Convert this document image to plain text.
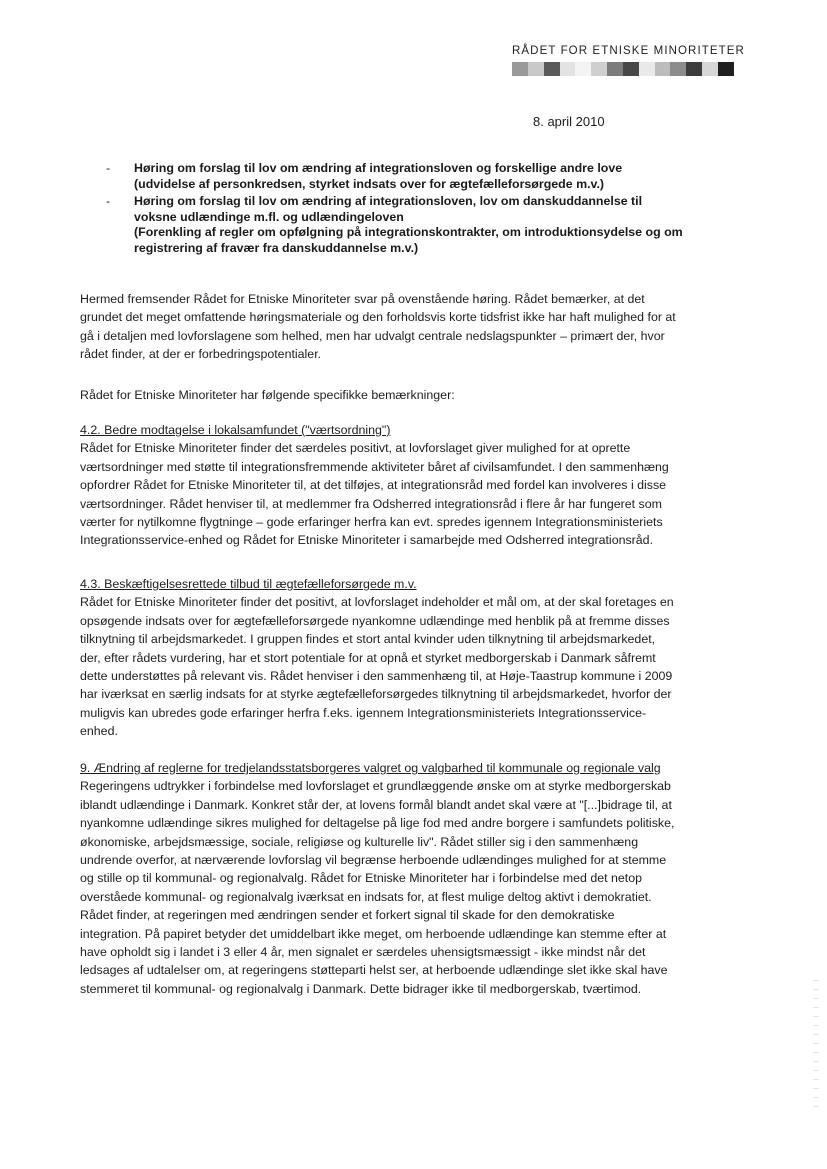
RÅDET FOR ETNISKE MINORITETER
8. april 2010
- Høring om forslag til lov om ændring af integrationsloven og forskellige andre love
(udvidelse af personkredsen, styrket indsats over for ægtefælleforsørgede m.v.)
- Høring om forslag til lov om ændring af integrationsloven, lov om danskuddannelse til
voksne udlændinge m.fl. og udlændingeloven
(Forenkling af regler om opfølgning på integrationskontrakter, om introduktionsydelse og om
registrering af fravær fra danskuddannelse m.v.)

Hermed fremsender Rådet for Etniske Minoriteter svar på ovenstående høring. Rådet bemærker, at det

grundet det meget omfattende høringsmateriale og den forholdsvis korte tidsfrist ikke har haft mulighed for at

gå i detaljen med lovforslagene som helhed, men har udvalgt centrale nedslagspunkter – primært der, hvor

rådet finder, at der er forbedringspotentialer.

Rådet for Etniske Minoriteter har følgende specifikke bemærkninger:

4.2. Bedre modtagelse i lokalsamfundet ("værtsordning")

Rådet for Etniske Minoriteter finder det særdeles positivt, at lovforslaget giver mulighed for at oprette

værtsordninger med støtte til integrationsfremmende aktiviteter båret af civilsamfundet. I den sammenhæng

opfordrer Rådet for Etniske Minoriteter til, at det tilføjes, at integrationsråd med fordel kan involveres i disse

værtsordninger. Rådet henviser til, at medlemmer fra Odsherred integrationsråd i flere år har fungeret som

værter for nytilkomne flygtninge – gode erfaringer herfra kan evt. spredes igennem Integrationsministeriets

Integrationsservice-enhed og Rådet for Etniske Minoriteter i samarbejde med Odsherred integrationsråd.

4.3. Beskæftigelsesrettede tilbud til ægtefælleforsørgede m.v.

Rådet for Etniske Minoriteter finder det positivt, at lovforslaget indeholder et mål om, at der skal foretages en

opsøgende indsats over for ægtefælleforsørgede nyankomne udlændinge med henblik på at fremme disses

tilknytning til arbejdsmarkedet. I gruppen findes et stort antal kvinder uden tilknytning til arbejdsmarkedet,

der, efter rådets vurdering, har et stort potentiale for at opnå et styrket medborgerskab i Danmark såfremt

dette understøttes på relevant vis. Rådet henviser i den sammenhæng til, at Høje-Taastrup kommune i 2009

har iværksat en særlig indsats for at styrke ægtefælleforsørgedes tilknytning til arbejdsmarkedet, hvorfor der

muligvis kan ubredes gode erfaringer herfra f.eks. igennem Integrationsministeriets Integrationsservice-

enhed.

9. Ændring af reglerne for tredjelandsstatsborgeres valgret og valgbarhed til kommunale og regionale valg

Regeringens udtrykker i forbindelse med lovforslaget et grundlæggende ønske om at styrke medborgerskab

iblandt udlændinge i Danmark. Konkret står der, at lovens formål blandt andet skal være at "[...]bidrage til, at

nyankomne udlændinge sikres mulighed for deltagelse på lige fod med andre borgere i samfundets politiske,

økonomiske, arbejdsmæssige, sociale, religiøse og kulturelle liv". Rådet stiller sig i den sammenhæng

undrende overfor, at nærværende lovforslag vil begrænse herboende udlændinges mulighed for at stemme

og stille op til kommunal- og regionalvalg. Rådet for Etniske Minoriteter har i forbindelse med det netop

overståede kommunal- og regionalvalg iværksat en indsats for, at flest mulige deltog aktivt i demokratiet.

Rådet finder, at regeringen med ændringen sender et forkert signal til skade for den demokratiske

integration. På papiret betyder det umiddelbart ikke meget, om herboende udlændinge kan stemme efter at

have opholdt sig i landet i 3 eller 4 år, men signalet er særdeles uhensigtsmæssigt - ikke mindst når det

ledsages af udtalelser om, at regeringens støtteparti helst ser, at herboende udlændinge slet ikke skal have

stemmeret til kommunal- og regionalvalg i Danmark. Dette bidrager ikke til medborgerskab, tværtimod.
